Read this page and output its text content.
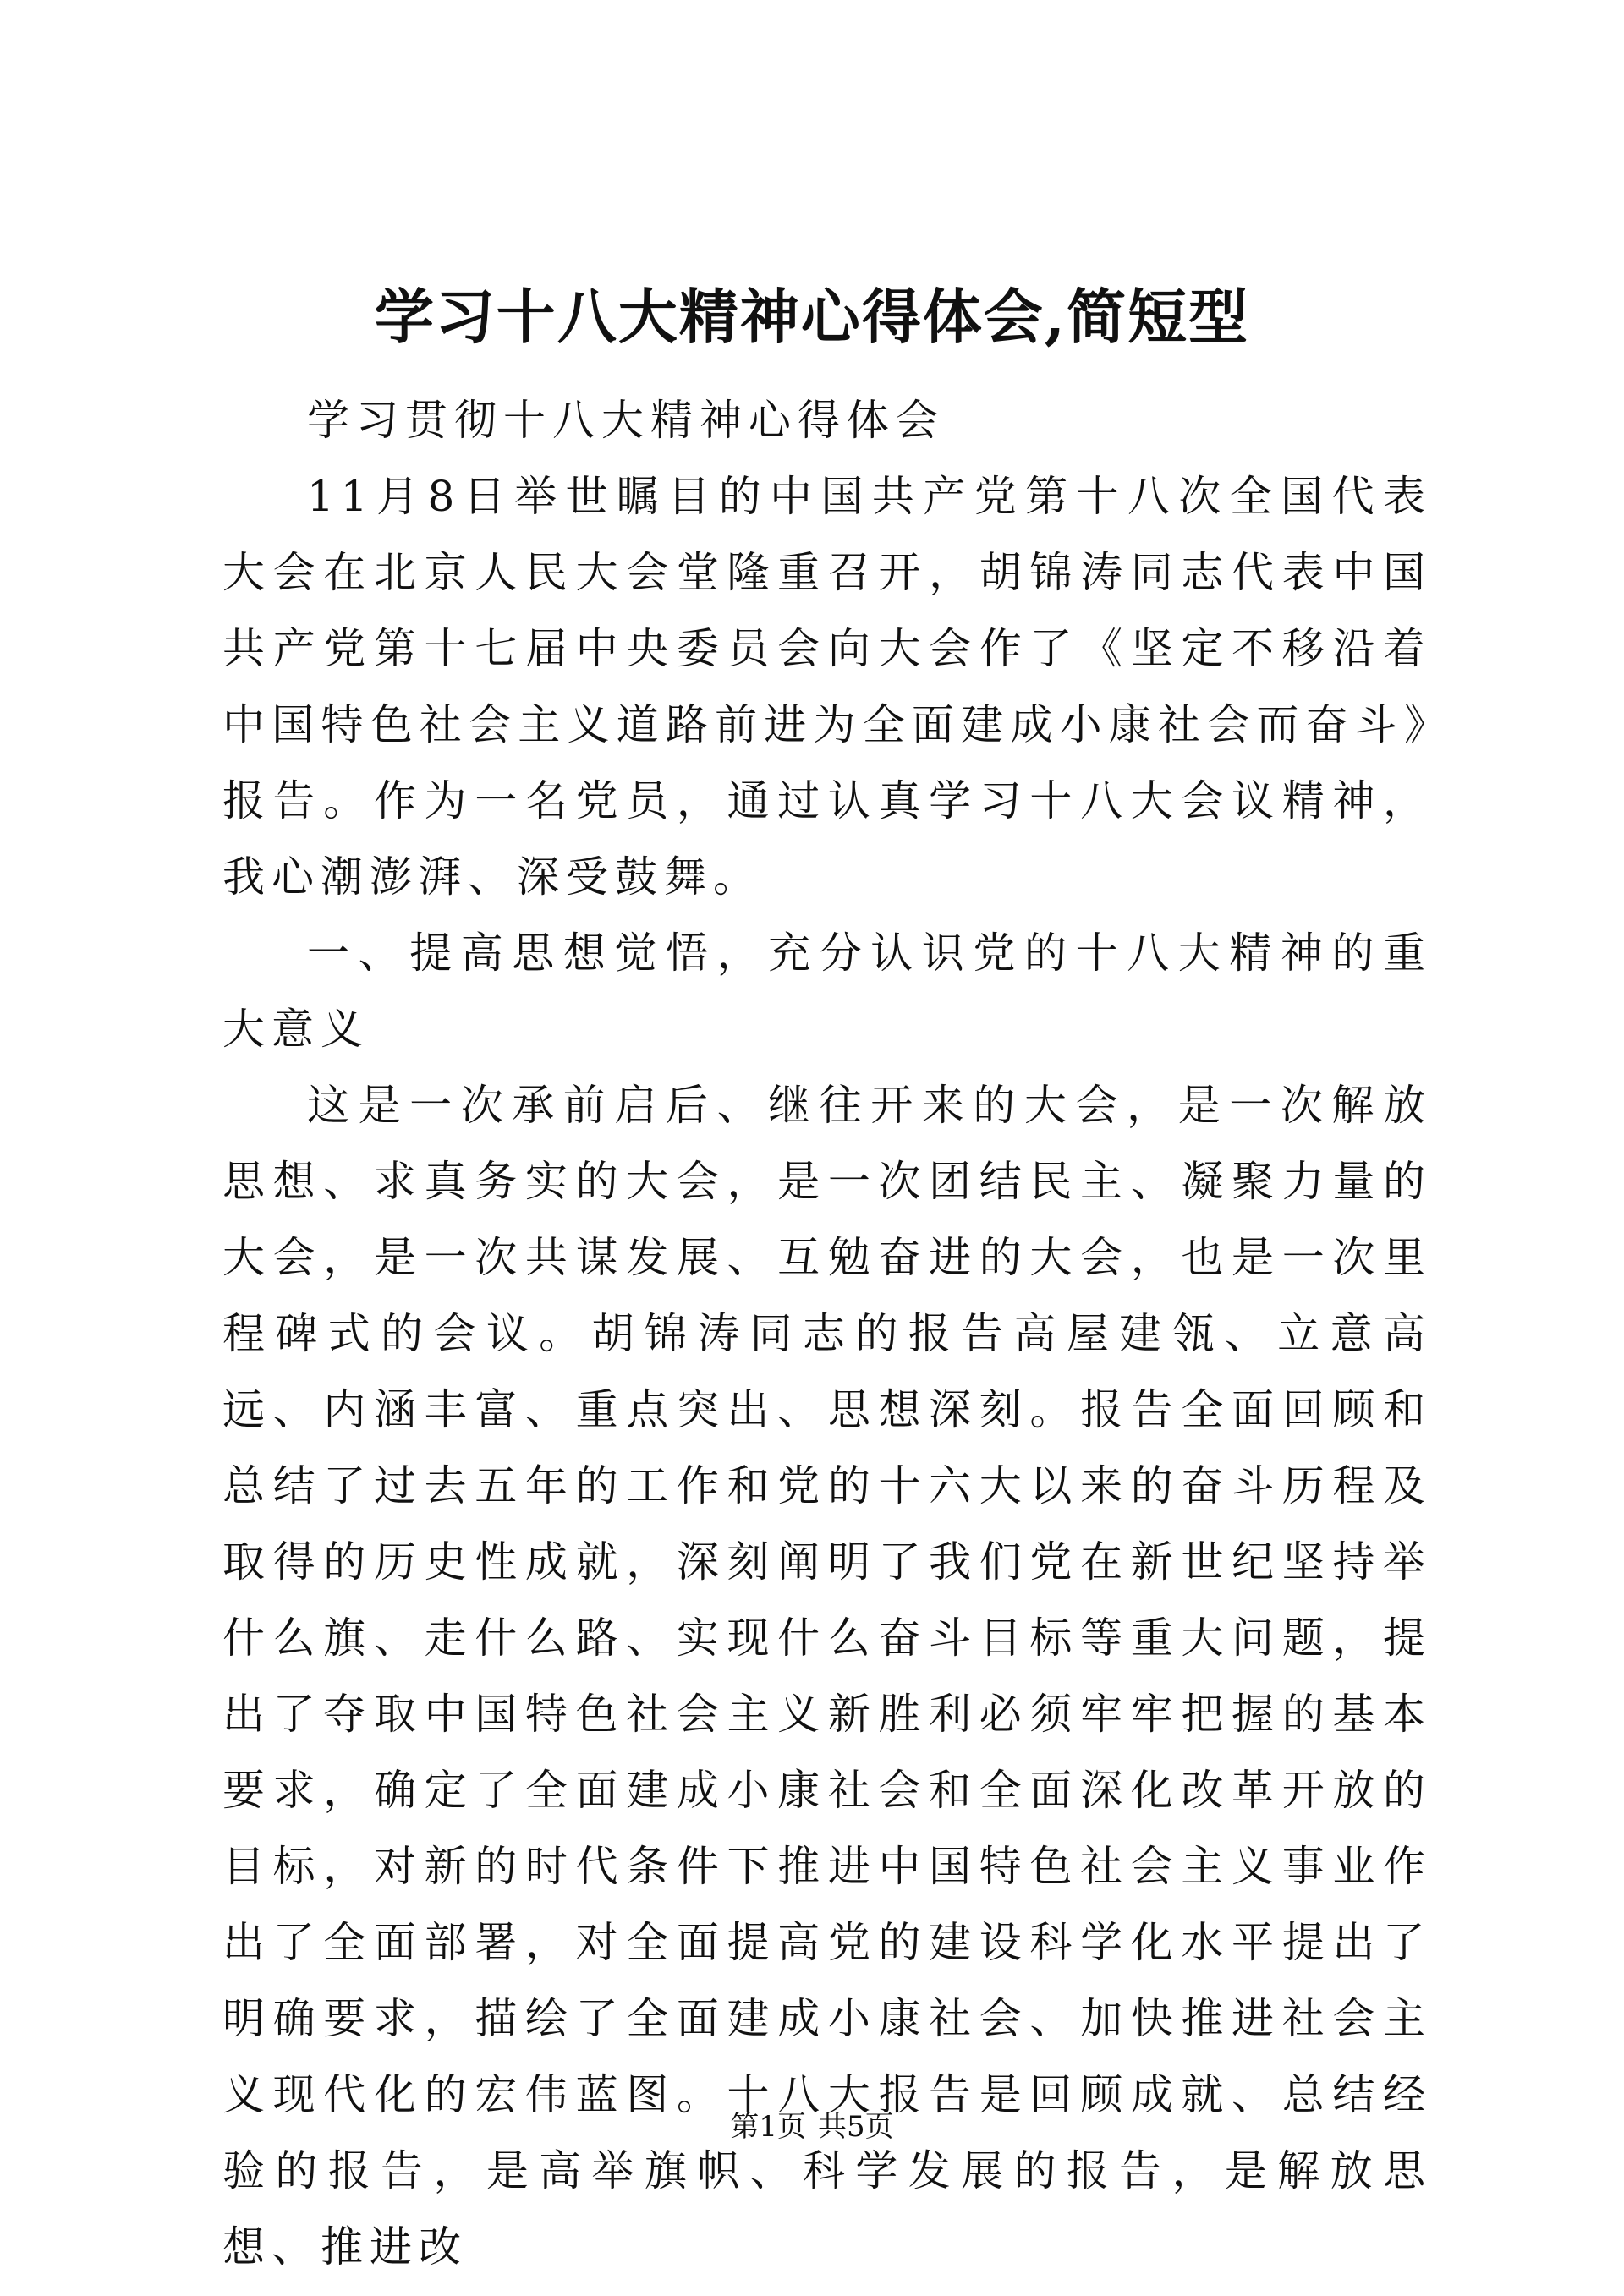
学习十八大精神心得体会,简短型

学习贯彻十八大精神心得体会

11月8日举世瞩目的中国共产党第十八次全国代表大会在北京人民大会堂隆重召开，胡锦涛同志代表中国共产党第十七届中央委员会向大会作了《坚定不移沿着中国特色社会主义道路前进为全面建成小康社会而奋斗》报告。作为一名党员，通过认真学习十八大会议精神，我心潮澎湃、深受鼓舞。

一、提高思想觉悟，充分认识党的十八大精神的重大意义

这是一次承前启后、继往开来的大会，是一次解放思想、求真务实的大会，是一次团结民主、凝聚力量的大会，是一次共谋发展、互勉奋进的大会，也是一次里程碑式的会议。胡锦涛同志的报告高屋建瓴、立意高远、内涵丰富、重点突出、思想深刻。报告全面回顾和总结了过去五年的工作和党的十六大以来的奋斗历程及取得的历史性成就，深刻阐明了我们党在新世纪坚持举什么旗、走什么路、实现什么奋斗目标等重大问题，提出了夺取中国特色社会主义新胜利必须牢牢把握的基本要求，确定了全面建成小康社会和全面深化改革开放的目标，对新的时代条件下推进中国特色社会主义事业作出了全面部署，对全面提高党的建设科学化水平提出了明确要求，描绘了全面建成小康社会、加快推进社会主义现代化的宏伟蓝图。十八大报告是回顾成就、总结经验的报告，是高举旗帜、科学发展的报告，是解放思想、推进改

第1页 共5页
